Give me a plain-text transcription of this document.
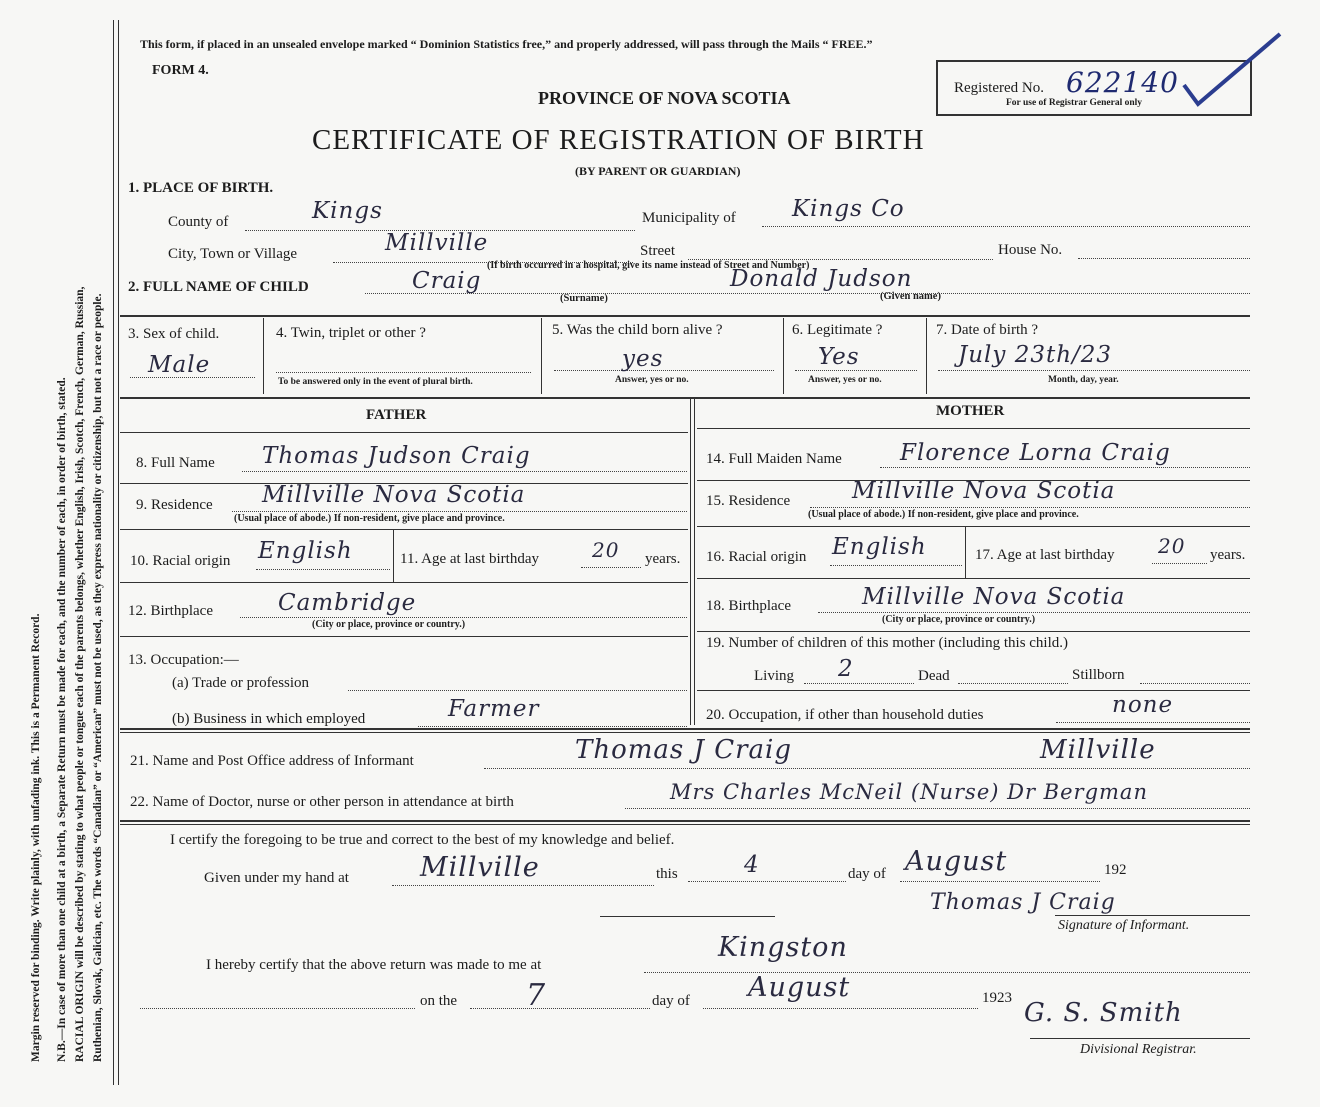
Margin reserved for binding. Write plainly, with unfading ink. This is a Permanent Record. N.B.—In case of more than one child at a birth, a Separate Return must be made for each, and the number of each, in order of birth, stated. RACIAL ORIGIN will be described by stating to what people or tongue each of the parents belongs, whether English, Irish, Scotch, French, German, Russian, Ruthenian, Slovak, Galician, etc. The words “Canadian” or “American” must not be used, as they express nationality or citizenship, but not a race or people.
This form, if placed in an unsealed envelope marked “ Dominion Statistics free,” and properly addressed, will pass through the Mails “ FREE.”
FORM 4.
PROVINCE OF NOVA SCOTIA
CERTIFICATE OF REGISTRATION OF BIRTH
(BY PARENT OR GUARDIAN)
Registered No. 622140
For use of Registrar General only
1. PLACE OF BIRTH.
County of	Kings	Municipality of Kings Co
City, Town or Village	Millville	Street	House No.
(If birth occurred in a hospital, give its name instead of Street and Number)
2. FULL NAME OF CHILD	Craig
(Surname)
Donald Judson
(Given name)
3. Sex of child.
Male
4. Twin, triplet or other ?
To be answered only in the event of plural birth.
5. Was the child born alive ?
yes
Answer, yes or no.
6. Legitimate ?
Yes
Answer, yes or no.
7. Date of birth ?
July 23th/23
Month, day, year.
FATHER
8. Full Name Thomas Judson Craig
9. Residence Millville Nova Scotia
(Usual place of abode.) If non-resident, give place and province.
10. Racial origin English	11. Age at last birthday	20 years.
12. Birthplace	Cambridge
(City or place, province or country.)
13. Occupation:—
(a) Trade or profession
(b) Business in which employed	Farmer
MOTHER
14. Full Maiden Name	Florence Lorna Craig
15. Residence	Millville Nova Scotia
(Usual place of abode.) If non-resident, give place and province.
16. Racial origin English	17. Age at last birthday 20 years.
18. Birthplace	Millville Nova Scotia
(City or place, province or country.)
19. Number of children of this mother (including this child.)
Living 2	Dead	Stillborn
20. Occupation, if other than household duties	none
21. Name and Post Office address of Informant	Thomas J Craig	Millville
22. Name of Doctor, nurse or other person in attendance at birth	Mrs Charles McNeil (Nurse) Dr Bergman
I certify the foregoing to be true and correct to the best of my knowledge and belief.
Given under my hand at	Millville	this	4	day of August	192
Thomas J Craig
Signature of Informant.
I hereby certify that the above return was made to me at
Kingston
on the 7	day of August	1923 G. S. Smith
Divisional Registrar.
